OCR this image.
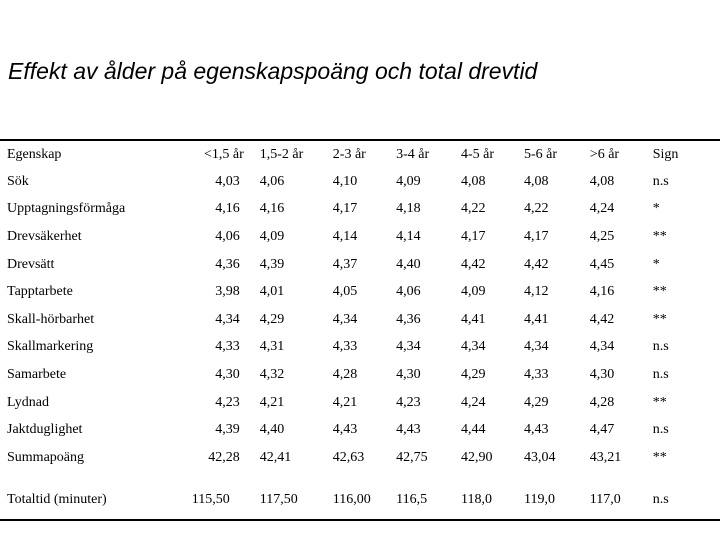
Effekt av ålder på egenskapspoäng och total drevtid
Egenskap	<1,5 år	1,5-2 år	2-3 år	3-4 år	4-5 år	5-6 år	>6 år	Sign
Sök	4,03	4,06	4,10	4,09	4,08	4,08	4,08	n.s
Upptagningsförmåga	4,16	4,16	4,17	4,18	4,22	4,22	4,24	*
Drevsäkerhet	4,06	4,09	4,14	4,14	4,17	4,17	4,25	**
Drevsätt	4,36	4,39	4,37	4,40	4,42	4,42	4,45	*
Tapptarbete	3,98	4,01	4,05	4,06	4,09	4,12	4,16	**
Skall-hörbarhet	4,34	4,29	4,34	4,36	4,41	4,41	4,42	**
Skallmarkering	4,33	4,31	4,33	4,34	4,34	4,34	4,34	n.s
Samarbete	4,30	4,32	4,28	4,30	4,29	4,33	4,30	n.s
Lydnad	4,23	4,21	4,21	4,23	4,24	4,29	4,28	**
Jaktduglighet	4,39	4,40	4,43	4,43	4,44	4,43	4,47	n.s
Summapoäng	42,28	42,41	42,63	42,75	42,90	43,04	43,21	**
Totaltid (minuter)	115,50	117,50	116,00	116,5	118,0	119,0	117,0	n.s
